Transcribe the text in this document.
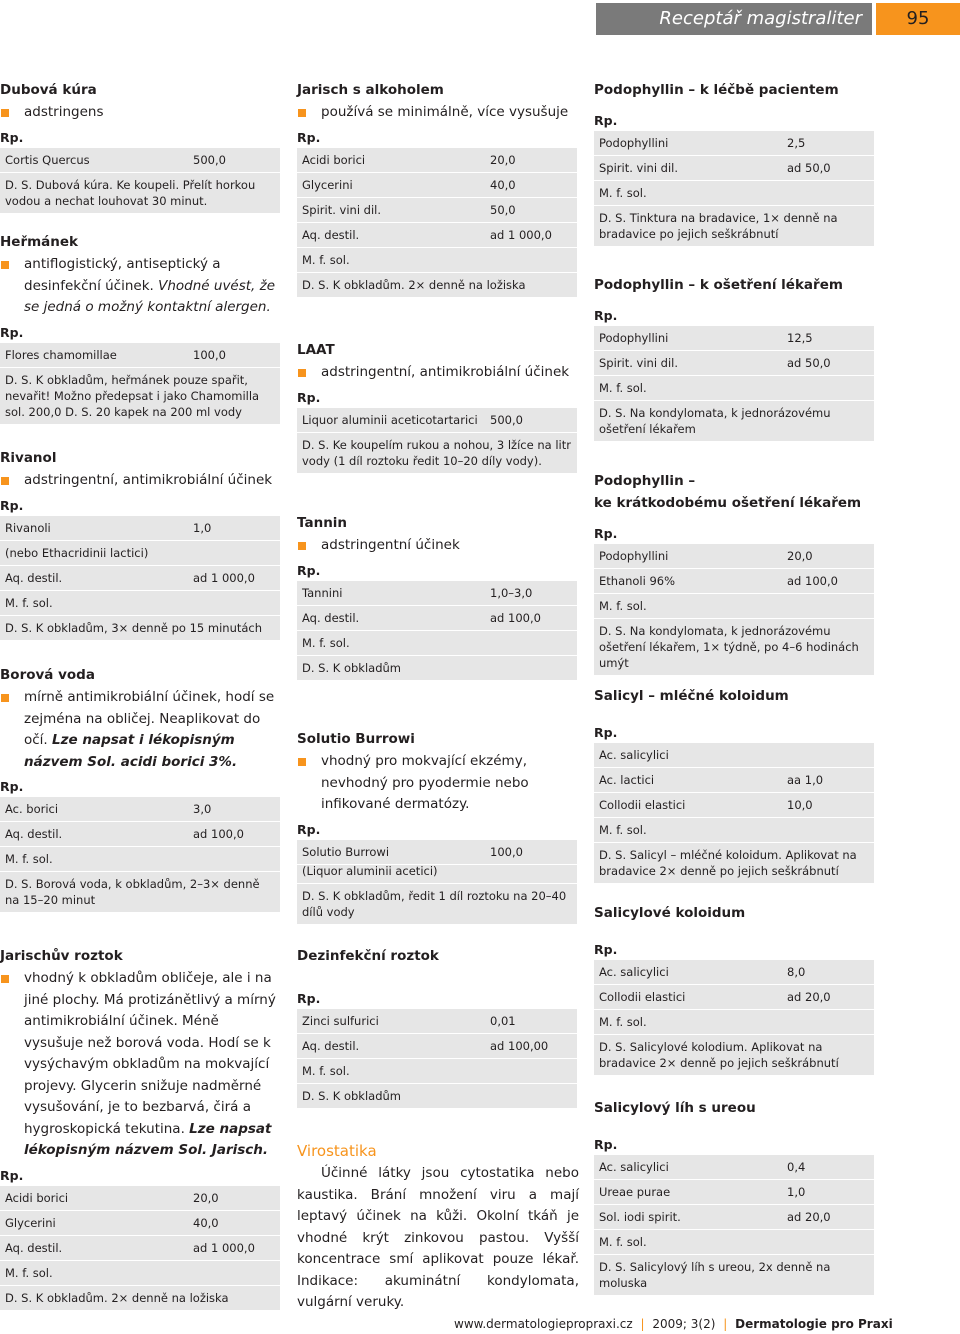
Receptář magistraliter	95
Dubová kúra
adstringens
Rp.
Cortis Quercus	500,0
D. S. Dubová kúra. Ke koupeli. Přelít horkou vodou a nechat louhovat 30 minut.
Heřmánek
antiflogistický, antiseptický a desinfekční účinek. Vhodné uvést, že se jedná o možný kontaktní alergen.
Rp.
Flores chamomillae	100,0
D. S. K obkladům, heřmánek pouze spařit, nevařit! Možno předepsat i jako Chamomilla sol. 200,0 D. S. 20 kapek na 200 ml vody
Rivanol
adstringentní, antimikrobiální účinek
Rp.
Rivanoli	1,0
(nebo Ethacridinii lactici)
Aq. destil.	ad 1 000,0
M. f. sol.
D. S. K obkladům, 3× denně po 15 minutách
Borová voda
mírně antimikrobiální účinek, hodí se zejména na obličej. Neaplikovat do očí. Lze napsat i lékopisným názvem Sol. acidi borici 3%.
Rp.
Ac. borici	3,0
Aq. destil.	ad 100,0
M. f. sol.
D. S. Borová voda, k obkladům, 2–3× denně na 15–20 minut
Jarischův roztok
vhodný k obkladům obličeje, ale i na jiné plochy. Má protizánětlivý a mírný antimikrobiální účinek. Méně vysušuje než borová voda. Hodí se k vysýchavým obkladům na mokvající projevy. Glycerin snižuje nadměrné vysušování, je to bezbarvá, čirá a hygroskopická tekutina. Lze napsat lékopisným názvem Sol. Jarisch.
Rp.
Acidi borici	20,0
Glycerini	40,0
Aq. destil.	ad 1 000,0
M. f. sol.
D. S. K obkladům. 2× denně na ložiska
Jarisch s alkoholem
používá se minimálně, více vysušuje
Rp.
Acidi borici	20,0
Glycerini	40,0
Spirit. vini dil.	50,0
Aq. destil.	ad 1 000,0
M. f. sol.
D. S. K obkladům. 2× denně na ložiska
LAAT
adstringentní, antimikrobiální účinek
Rp.
Liquor aluminii aceticotartarici	500,0
D. S. Ke koupelím rukou a nohou, 3 lžíce na litr vody (1 díl roztoku ředit 10–20 díly vody).
Tannin
adstringentní účinek
Rp.
Tannini	1,0–3,0
Aq. destil.	ad 100,0
M. f. sol.
D. S. K obkladům
Solutio Burrowi
vhodný pro mokvající ekzémy, nevhodný pro pyodermie nebo infikované dermatózy.
Rp.
Solutio Burrowi	100,0
(Liquor aluminii acetici)
D. S. K obkladům, ředit 1 díl roztoku na 20–40 dílů vody
Dezinfekční roztok
Rp.
Zinci sulfurici	0,01
Aq. destil.	ad 100,00
M. f. sol.
D. S. K obkladům
Virostatika
Účinné látky jsou cytostatika nebo kaustika. Brání množení viru a mají leptavý účinek na kůži. Okolní tkáň je vhodné krýt zinkovou pastou. Vyšší koncentrace smí aplikovat pouze lékař. Indikace: akuminátní kondylomata, vulgární veruky.
Podophyllin – k léčbě pacientem
Rp.
Podophyllini	2,5
Spirit. vini dil.	ad 50,0
M. f. sol.
D. S. Tinktura na bradavice, 1× denně na bradavice po jejich seškrábnutí
Podophyllin – k ošetření lékařem
Rp.
Podophyllini	12,5
Spirit. vini dil.	ad 50,0
M. f. sol.
D. S. Na kondylomata, k jednorázovému ošetření lékařem
Podophyllin –
ke krátkodobému ošetření lékařem
Rp.
Podophyllini	20,0
Ethanoli 96%	ad 100,0
M. f. sol.
D. S. Na kondylomata, k jednorázovému ošetření lékařem, 1× týdně, po 4–6 hodinách umýt
Salicyl – mléčné koloidum
Rp.
Ac. salicylici
Ac. lactici	aa 1,0
Collodii elastici	10,0
M. f. sol.
D. S. Salicyl – mléčné koloidum. Aplikovat na bradavice 2× denně po jejich seškrábnutí
Salicylové koloidum
Rp.
Ac. salicylici	8,0
Collodii elastici	ad 20,0
M. f. sol.
D. S. Salicylové kolodium. Aplikovat na bradavice 2× denně po jejich seškrábnutí
Salicylový líh s ureou
Rp.
Ac. salicylici	0,4
Ureae purae	1,0
Sol. iodi spirit.	ad 20,0
M. f. sol.
D. S. Salicylový líh s ureou, 2x denně na moluska
www.dermatologiepropraxi.cz | 2009; 3(2) | Dermatologie pro Praxi
